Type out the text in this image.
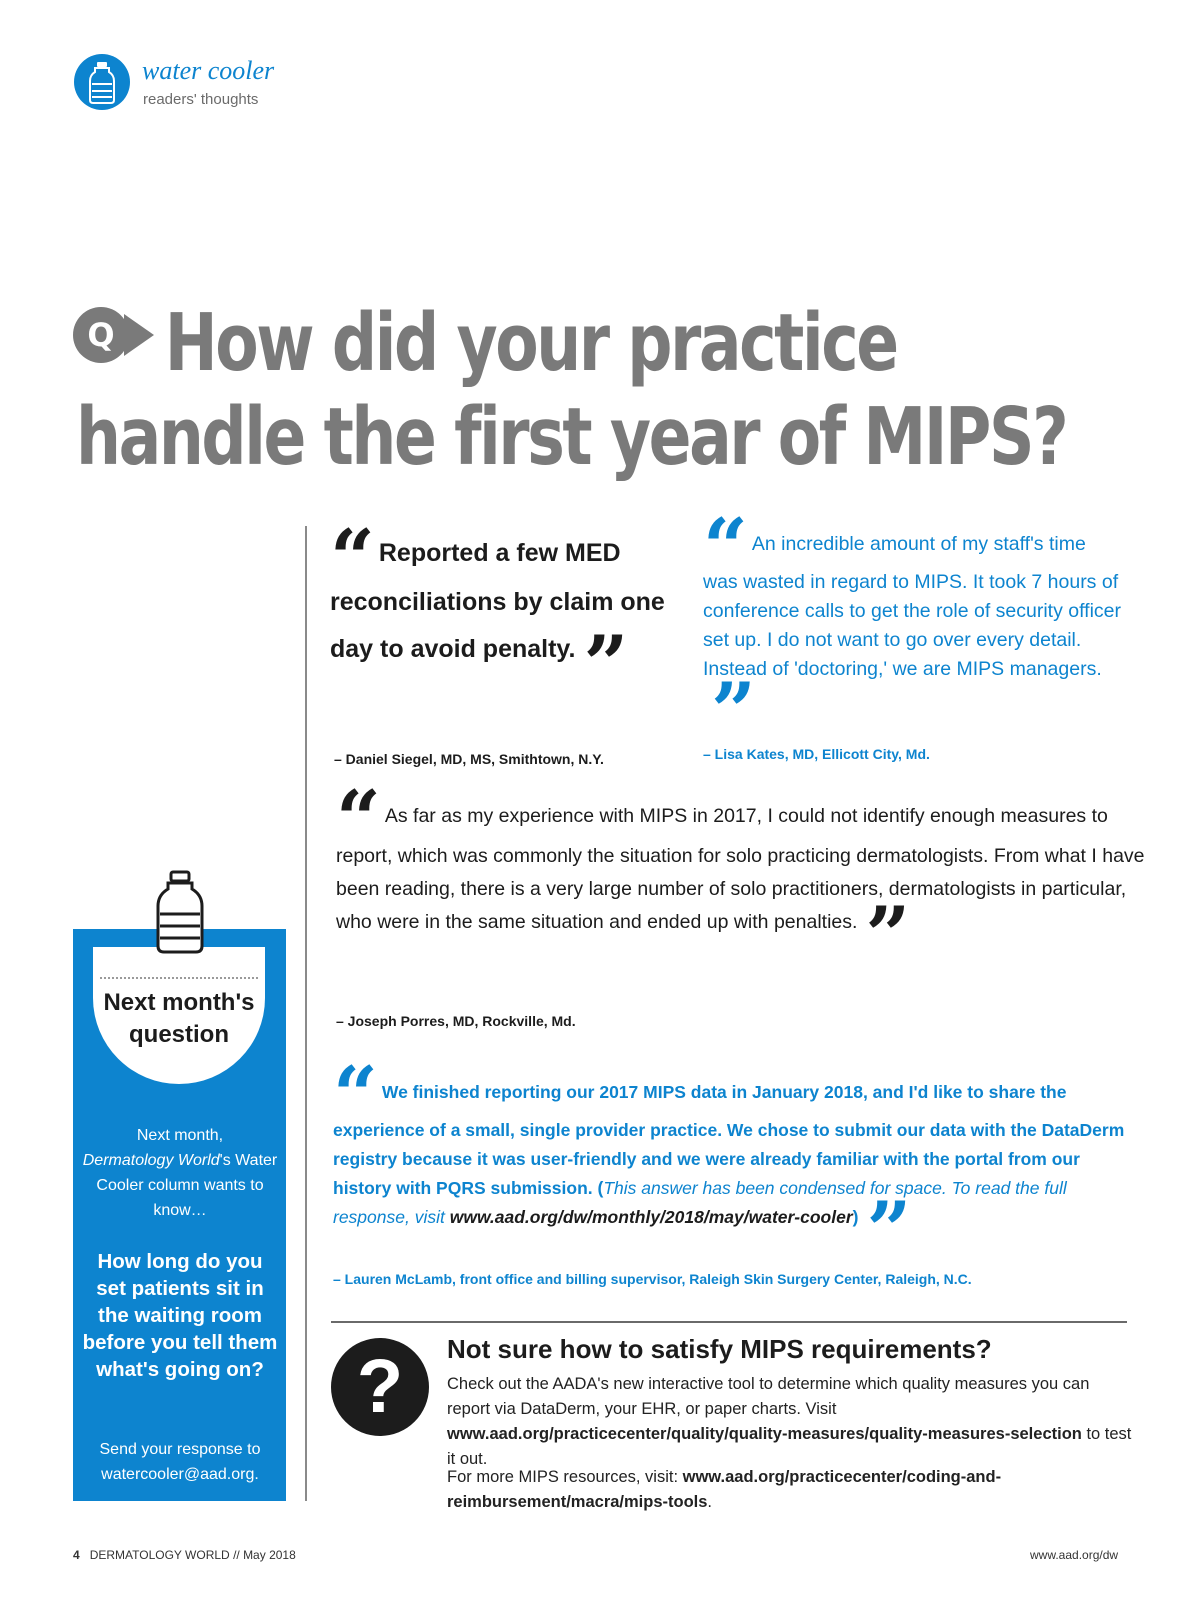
water cooler
readers' thoughts
Q How did your practice
handle the first year of MIPS?
“ Reported a few MED reconciliations by claim one day to avoid penalty. ”
– Daniel Siegel, MD, MS, Smithtown, N.Y.
“ An incredible amount of my staff's time was wasted in regard to MIPS. It took 7 hours of conference calls to get the role of security officer set up. I do not want to go over every detail. Instead of 'doctoring,' we are MIPS managers.”
– Lisa Kates, MD, Ellicott City, Md.
“ As far as my experience with MIPS in 2017, I could not identify enough measures to report, which was commonly the situation for solo practicing dermatologists. From what I have been reading, there is a very large number of solo practitioners, dermatologists in particular, who were in the same situation and ended up with penalties. ”
– Joseph Porres, MD, Rockville, Md.
“ We finished reporting our 2017 MIPS data in January 2018, and I'd like to share the experience of a small, single provider practice. We chose to submit our data with the DataDerm registry because it was user-friendly and we were already familiar with the portal from our history with PQRS submission. (This answer has been condensed for space. To read the full response, visit www.aad.org/dw/monthly/2018/may/water-cooler) ”
– Lauren McLamb, front office and billing supervisor, Raleigh Skin Surgery Center, Raleigh, N.C.
?	Not sure how to satisfy MIPS requirements?
Check out the AADA's new interactive tool to determine which quality measures you can report via DataDerm, your EHR, or paper charts. Visit www.aad.org/practicecenter/quality/quality-measures/quality-measures-selection to test it out.
For more MIPS resources, visit: www.aad.org/practicecenter/coding-and-reimbursement/macra/mips-tools.
Next month's question
Next month,
Dermatology World's Water Cooler column wants to know…
How long do you set patients sit in the waiting room before you tell them what's going on?
Send your response to
watercooler@aad.org.
4 DERMATOLOGY WORLD // May 2018	www.aad.org/dw
